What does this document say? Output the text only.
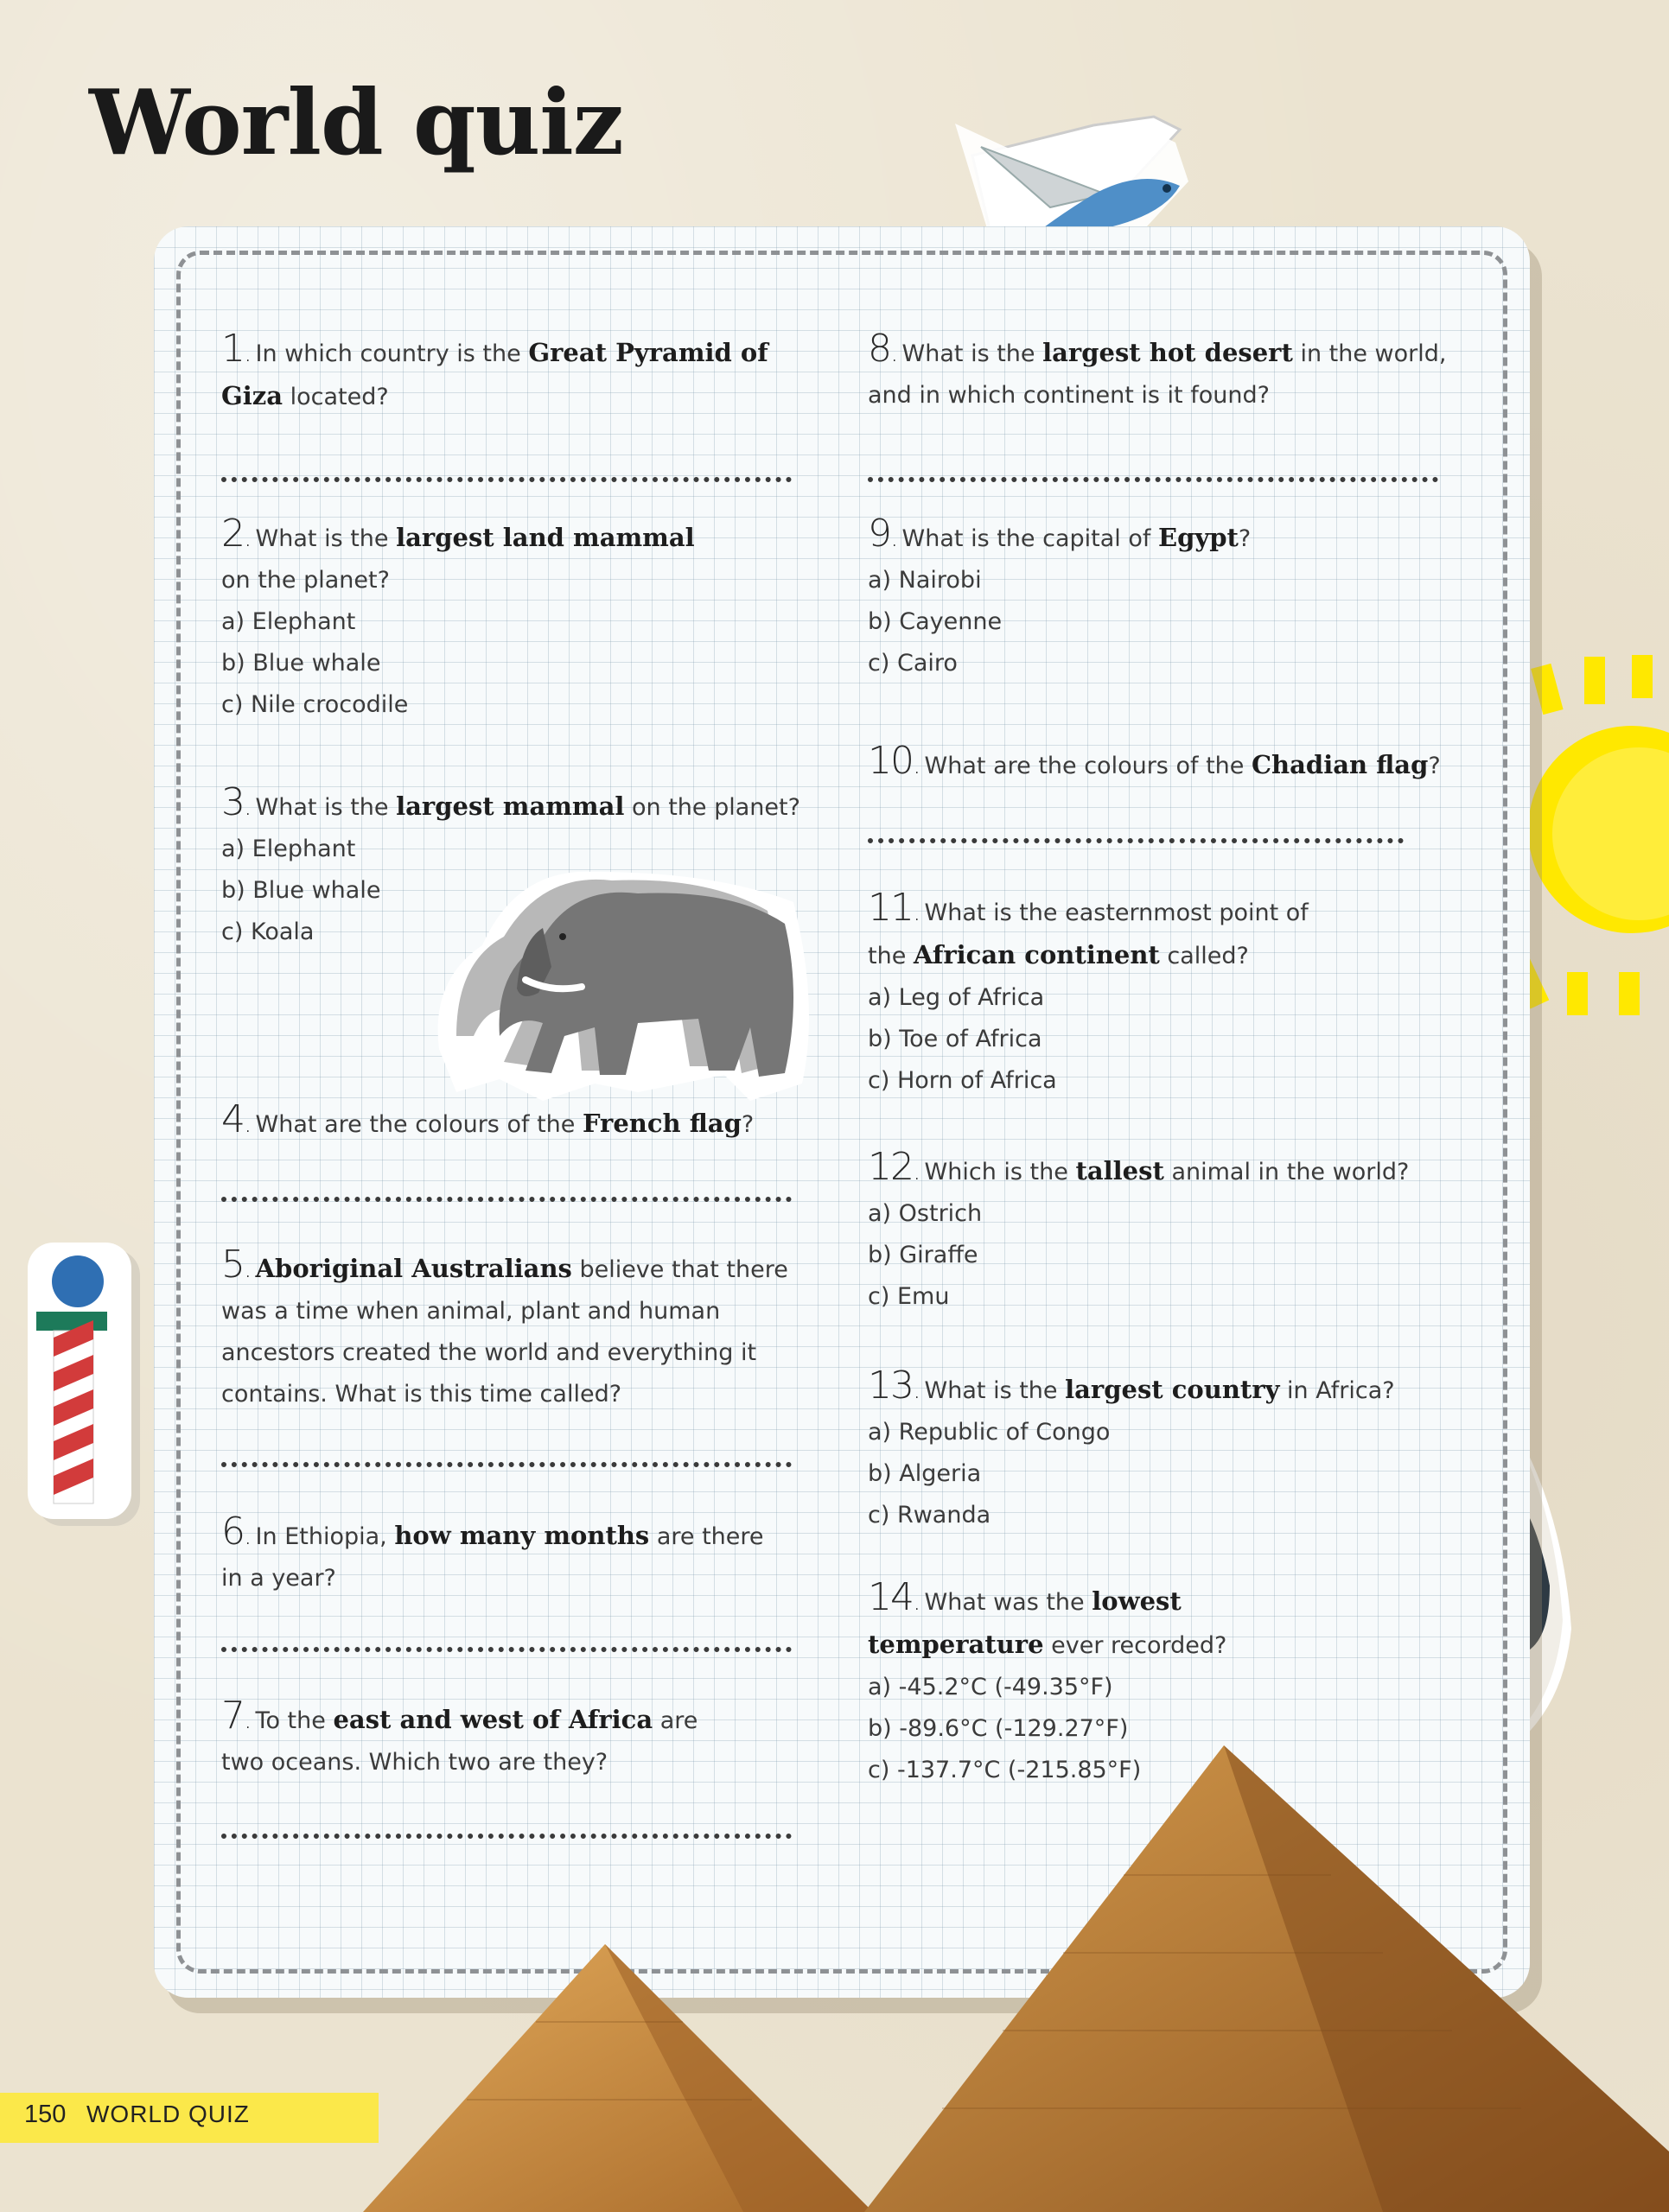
World quiz
1. In which country is the Great Pyramid of Giza located?
2. What is the largest land mammal on the planet?
a) Elephant
b) Blue whale
c) Nile crocodile
3. What is the largest mammal on the planet?
a) Elephant
b) Blue whale
c) Koala
4. What are the colours of the French flag?
5. Aboriginal Australians believe that there was a time when animal, plant and human ancestors created the world and everything it contains. What is this time called?
6. In Ethiopia, how many months are there in a year?
7. To the east and west of Africa are two oceans. Which two are they?
8. What is the largest hot desert in the world, and in which continent is it found?
9. What is the capital of Egypt?
a) Nairobi
b) Cayenne
c) Cairo
10. What are the colours of the Chadian flag?
11. What is the easternmost point of the African continent called?
a) Leg of Africa
b) Toe of Africa
c) Horn of Africa
12. Which is the tallest animal in the world?
a) Ostrich
b) Giraffe
c) Emu
13. What is the largest country in Africa?
a) Republic of Congo
b) Algeria
c) Rwanda
14. What was the lowest temperature ever recorded?
a) -45.2°C (-49.35°F)
b) -89.6°C (-129.27°F)
c) -137.7°C (-215.85°F)
150 WORLD QUIZ
